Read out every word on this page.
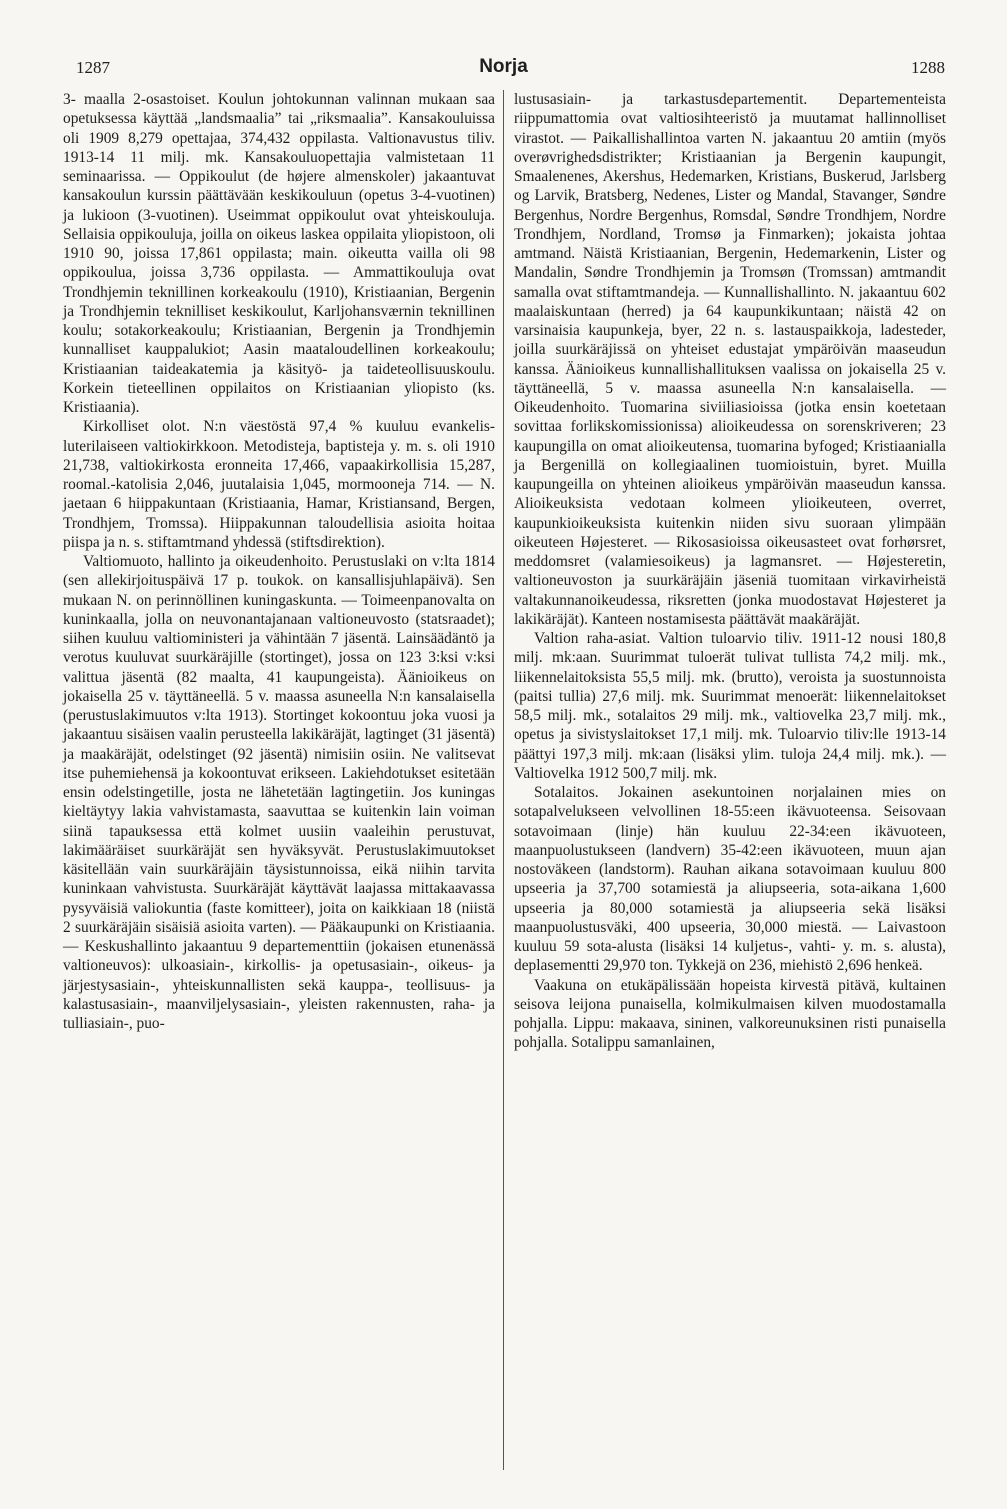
1287	Norja	1288

3- maalla 2-osastoiset. Koulun johtokunnan valinnan mukaan saa opetuksessa käyttää „landsmaalia” tai „riksmaalia”. Kansakouluissa oli 1909 8,279 opettajaa, 374,432 oppilasta. Valtionavustus tiliv. 1913-14 11 milj. mk. Kansakouluopettajia valmistetaan 11 seminaarissa. — Oppikoulut (de højere almenskoler) jakaantuvat kansakoulun kurssin päättävään keskikouluun (opetus 3-4-vuotinen) ja lukioon (3-vuotinen). Useimmat oppikoulut ovat yhteiskouluja. Sellaisia oppikouluja, joilla on oikeus laskea oppilaita yliopistoon, oli 1910 90, joissa 17,861 oppilasta; main. oikeutta vailla oli 98 oppikoulua, joissa 3,736 oppilasta. — Ammattikouluja ovat Trondhjemin teknillinen korkeakoulu (1910), Kristiaanian, Bergenin ja Trondhjemin teknilliset keskikoulut, Karljohansværnin teknillinen koulu; sotakorkeakoulu; Kristiaanian, Bergenin ja Trondhjemin kunnalliset kauppalukiot; Aasin maataloudellinen korkeakoulu; Kristiaanian taideakatemia ja käsityö- ja taideteollisuuskoulu. Korkein tieteellinen oppilaitos on Kristiaanian yliopisto (ks. Kristiaania).

Kirkolliset olot. N:n väestöstä 97,4 % kuuluu evankelis- luterilaiseen valtiokirkkoon. Metodisteja, baptisteja y. m. s. oli 1910 21,738, valtiokirkosta eronneita 17,466, vapaakirkollisia 15,287, roomal.-katolisia 2,046, juutalaisia 1,045, mormooneja 714. — N. jaetaan 6 hiippakuntaan (Kristiaania, Hamar, Kristiansand, Bergen, Trondhjem, Tromssa). Hiippakunnan taloudellisia asioita hoitaa piispa ja n. s. stiftamtmand yhdessä (stiftsdirektion).

Valtiomuoto, hallinto ja oikeudenhoito. Perustuslaki on v:lta 1814 (sen allekirjoituspäivä 17 p. toukok. on kansallisjuhlapäivä). Sen mukaan N. on perinnöllinen kuningaskunta. — Toimeenpanovalta on kuninkaalla, jolla on neuvonantajanaan valtioneuvosto (statsraadet); siihen kuuluu valtioministeri ja vähintään 7 jäsentä. Lainsäädäntö ja verotus kuuluvat suurkäräjille (stortinget), jossa on 123 3:ksi v:ksi valittua jäsentä (82 maalta, 41 kaupungeista). Äänioikeus on jokaisella 25 v. täyttäneellä. 5 v. maassa asuneella N:n kansalaisella (perustuslakimuutos v:lta 1913). Stortinget kokoontuu joka vuosi ja jakaantuu sisäisen vaalin perusteella lakikäräjät, lagtinget (31 jäsentä) ja maakäräjät, odelstinget (92 jäsentä) nimisiin osiin. Ne valitsevat itse puhemiehensä ja kokoontuvat erikseen. Lakiehdotukset esitetään ensin odelstingetille, josta ne lähetetään lagtingetiin. Jos kuningas kieltäytyy lakia vahvistamasta, saavuttaa se kuitenkin lain voiman siinä tapauksessa että kolmet uusiin vaaleihin perustuvat, lakimääräiset suurkäräjät sen hyväksyvät. Perustuslakimuutokset käsitellään vain suurkäräjäin täysistunnoissa, eikä niihin tarvita kuninkaan vahvistusta. Suurkäräjät käyttävät laajassa mittakaavassa pysyväisiä valiokuntia (faste komitteer), joita on kaikkiaan 18 (niistä 2 suurkäräjäin sisäisiä asioita varten). — Pääkaupunki on Kristiaania. — Keskushallinto jakaantuu 9 departementtiin (jokaisen etunenässä valtioneuvos): ulkoasiain-, kirkollis- ja opetusasiain-, oikeus- ja järjestysasiain-, yhteiskunnallisten sekä kauppa-, teollisuus- ja kalastusasiain-, maanviljelysasiain-, yleisten rakennusten, raha- ja tulliasiain-, puo-

lustusasiain- ja tarkastusdepartementit. Departementeista riippumattomia ovat valtiosihteeristö ja muutamat hallinnolliset virastot. — Paikallishallintoa varten N. jakaantuu 20 amtiin (myös overøvrighedsdistrikter; Kristiaanian ja Bergenin kaupungit, Smaalenenes, Akershus, Hedemarken, Kristians, Buskerud, Jarlsberg og Larvik, Bratsberg, Nedenes, Lister og Mandal, Stavanger, Søndre Bergenhus, Nordre Bergenhus, Romsdal, Søndre Trondhjem, Nordre Trondhjem, Nordland, Tromsø ja Finmarken); jokaista johtaa amtmand. Näistä Kristiaanian, Bergenin, Hedemarkenin, Lister og Mandalin, Søndre Trondhjemin ja Tromsøn (Tromssan) amtmandit samalla ovat stiftamtmandeja. — Kunnallishallinto. N. jakaantuu 602 maalaiskuntaan (herred) ja 64 kaupunkikuntaan; näistä 42 on varsinaisia kaupunkeja, byer, 22 n. s. lastauspaikkoja, ladesteder, joilla suurkäräjissä on yhteiset edustajat ympäröivän maaseudun kanssa. Äänioikeus kunnallishallituksen vaalissa on jokaisella 25 v. täyttäneellä, 5 v. maassa asuneella N:n kansalaisella. — Oikeudenhoito. Tuomarina siviiliasioissa (jotka ensin koetetaan sovittaa forlikskomissionissa) alioikeudessa on sorenskriveren; 23 kaupungilla on omat alioikeutensa, tuomarina byfoged; Kristiaanialla ja Bergenillä on kollegiaalinen tuomioistuin, byret. Muilla kaupungeilla on yhteinen alioikeus ympäröivän maaseudun kanssa. Alioikeuksista vedotaan kolmeen ylioikeuteen, overret, kaupunkioikeuksista kuitenkin niiden sivu suoraan ylimpään oikeuteen Højesteret. — Rikosasioissa oikeusasteet ovat forhørsret, meddomsret (valamiesoikeus) ja lagmansret. — Højesteretin, valtioneuvoston ja suurkäräjäin jäseniä tuomitaan virkavirheistä valtakunnanoikeudessa, riksretten (jonka muodostavat Højesteret ja lakikäräjät). Kanteen nostamisesta päättävät maakäräjät.

Valtion raha-asiat. Valtion tuloarvio tiliv. 1911-12 nousi 180,8 milj. mk:aan. Suurimmat tuloerät tulivat tullista 74,2 milj. mk., liikennelaitoksista 55,5 milj. mk. (brutto), veroista ja suostunnoista (paitsi tullia) 27,6 milj. mk. Suurimmat menoerät: liikennelaitokset 58,5 milj. mk., sotalaitos 29 milj. mk., valtiovelka 23,7 milj. mk., opetus ja sivistyslaitokset 17,1 milj. mk. Tuloarvio tiliv:lle 1913-14 päättyi 197,3 milj. mk:aan (lisäksi ylim. tuloja 24,4 milj. mk.). — Valtiovelka 1912 500,7 milj. mk.

Sotalaitos. Jokainen asekuntoinen norjalainen mies on sotapalvelukseen velvollinen 18-55:een ikävuoteensa. Seisovaan sotavoimaan (linje) hän kuuluu 22-34:een ikävuoteen, maanpuolustukseen (landvern) 35-42:een ikävuoteen, muun ajan nostoväkeen (landstorm). Rauhan aikana sotavoimaan kuuluu 800 upseeria ja 37,700 sotamiestä ja aliupseeria, sota-aikana 1,600 upseeria ja 80,000 sotamiestä ja aliupseeria sekä lisäksi maanpuolustusväki, 400 upseeria, 30,000 miestä. — Laivastoon kuuluu 59 sota-alusta (lisäksi 14 kuljetus-, vahti- y. m. s. alusta), deplasementti 29,970 ton. Tykkejä on 236, miehistö 2,696 henkeä.

Vaakuna on etukäpälissään hopeista kirvestä pitävä, kultainen seisova leijona punaisella, kolmikulmaisen kilven muodostamalla pohjalla. Lippu: makaava, sininen, valkoreunuksinen risti punaisella pohjalla. Sotalippu samanlainen,
